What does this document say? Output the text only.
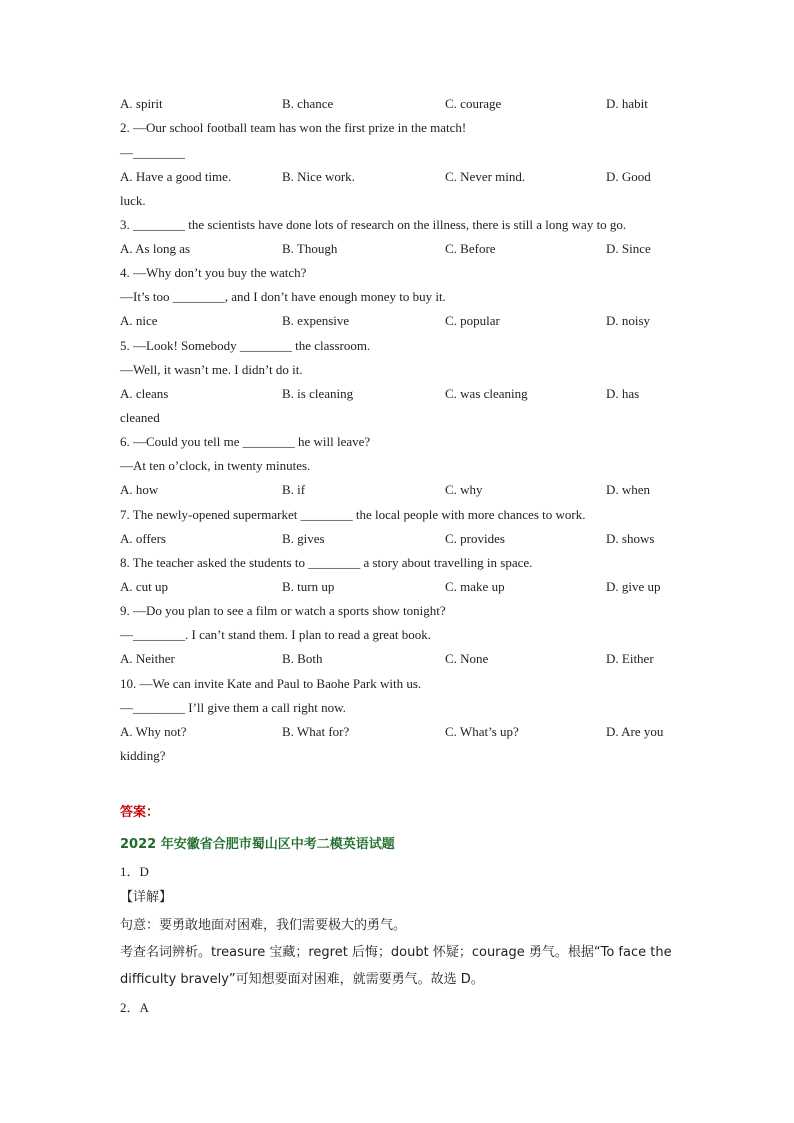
A. spirit	B. chance	C. courage	D. habit
2. —Our school football team has won the first prize in the match!
—________
A. Have a good time.	B. Nice work.	C. Never mind.	D. Good
luck.
3. ________ the scientists have done lots of research on the illness, there is still a long way to go.
A. As long as	B. Though	C. Before	D. Since
4. —Why don’t you buy the watch?
—It’s too ________, and I don’t have enough money to buy it.
A. nice	B. expensive	C. popular	D. noisy
5. —Look! Somebody ________ the classroom.
—Well, it wasn’t me. I didn’t do it.
A. cleans	B. is cleaning	C. was cleaning	D. has
cleaned
6. —Could you tell me ________ he will leave?
—At ten o’clock, in twenty minutes.
A. how	B. if	C. why	D. when
7. The newly-opened supermarket ________ the local people with more chances to work.
A. offers	B. gives	C. provides	D. shows
8. The teacher asked the students to ________ a story about travelling in space.
A. cut up	B. turn up	C. make up	D. give up
9. —Do you plan to see a film or watch a sports show tonight?
—________. I can’t stand them. I plan to read a great book.
A. Neither	B. Both	C. None	D. Either
10. —We can invite Kate and Paul to Baohe Park with us.
—________ I’ll give them a call right now.
A. Why not?	B. What for?	C. What’s up?	D. Are you
kidding?
答案：
2022 年安徽省合肥市蜀山区中考二模英语试题
1．D
【详解】
句意：要勇敢地面对困难，我们需要极大的勇气。
考查名词辨析。treasure 宝藏；regret 后悔；doubt 怀疑；courage 勇气。根据“To face the
difficulty bravely”可知想要面对困难，就需要勇气。故选 D。
2．A
